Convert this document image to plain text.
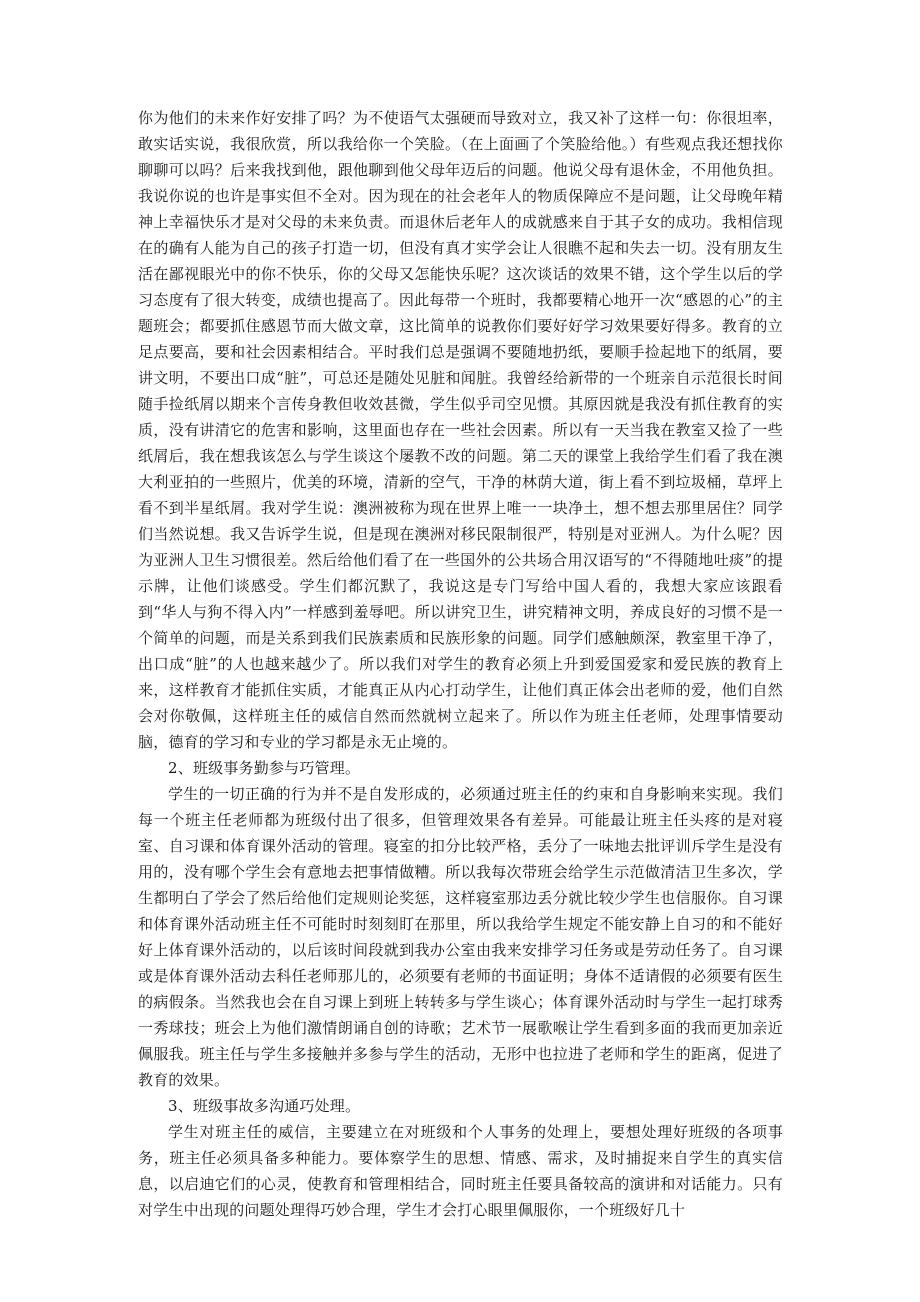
你为他们的未来作好安排了吗？为不使语气太强硬而导致对立，我又补了这样一句：你很坦率，敢实话实说，我很欣赏，所以我给你一个笑脸。（在上面画了个笑脸给他。）有些观点我还想找你聊聊可以吗？后来我找到他，跟他聊到他父母年迈后的问题。他说父母有退休金，不用他负担。我说你说的也许是事实但不全对。因为现在的社会老年人的物质保障应不是问题，让父母晚年精神上幸福快乐才是对父母的未来负责。而退休后老年人的成就感来自于其子女的成功。我相信现在的确有人能为自己的孩子打造一切，但没有真才实学会让人很瞧不起和失去一切。没有朋友生活在鄙视眼光中的你不快乐，你的父母又怎能快乐呢？这次谈话的效果不错，这个学生以后的学习态度有了很大转变，成绩也提高了。因此每带一个班时，我都要精心地开一次“感恩的心”的主题班会；都要抓住感恩节而大做文章，这比简单的说教你们要好好学习效果要好得多。教育的立足点要高，要和社会因素相结合。平时我们总是强调不要随地扔纸，要顺手捡起地下的纸屑，要讲文明，不要出口成“脏”，可总还是随处见脏和闻脏。我曾经给新带的一个班亲自示范很长时间随手捡纸屑以期来个言传身教但收效甚微，学生似乎司空见惯。其原因就是我没有抓住教育的实质，没有讲清它的危害和影响，这里面也存在一些社会因素。所以有一天当我在教室又捡了一些纸屑后，我在想我该怎么与学生谈这个屡教不改的问题。第二天的课堂上我给学生们看了我在澳大利亚拍的一些照片，优美的环境，清新的空气，干净的林荫大道，街上看不到垃圾桶，草坪上看不到半星纸屑。我对学生说：澳洲被称为现在世界上唯一一块净土，想不想去那里居住？同学们当然说想。我又告诉学生说，但是现在澳洲对移民限制很严，特别是对亚洲人。为什么呢？因为亚洲人卫生习惯很差。然后给他们看了在一些国外的公共场合用汉语写的“不得随地吐痰”的提示牌，让他们谈感受。学生们都沉默了，我说这是专门写给中国人看的，我想大家应该跟看到“华人与狗不得入内”一样感到羞辱吧。所以讲究卫生，讲究精神文明，养成良好的习惯不是一个简单的问题，而是关系到我们民族素质和民族形象的问题。同学们感触颇深，教室里干净了，出口成“脏”的人也越来越少了。所以我们对学生的教育必须上升到爱国爱家和爱民族的教育上来，这样教育才能抓住实质，才能真正从内心打动学生，让他们真正体会出老师的爱，他们自然会对你敬佩，这样班主任的威信自然而然就树立起来了。所以作为班主任老师，处理事情要动脑，德育的学习和专业的学习都是永无止境的。

2、班级事务勤参与巧管理。

学生的一切正确的行为并不是自发形成的，必须通过班主任的约束和自身影响来实现。我们每一个班主任老师都为班级付出了很多，但管理效果各有差异。可能最让班主任头疼的是对寝室、自习课和体育课外活动的管理。寝室的扣分比较严格，丢分了一味地去批评训斥学生是没有用的，没有哪个学生会有意地去把事情做糟。所以我每次带班会给学生示范做清洁卫生多次，学生都明白了学会了然后给他们定规则论奖惩，这样寝室那边丢分就比较少学生也信服你。自习课和体育课外活动班主任不可能时时刻刻盯在那里，所以我给学生规定不能安静上自习的和不能好好上体育课外活动的，以后该时间段就到我办公室由我来安排学习任务或是劳动任务了。自习课或是体育课外活动去科任老师那儿的，必须要有老师的书面证明；身体不适请假的必须要有医生的病假条。当然我也会在自习课上到班上转转多与学生谈心；体育课外活动时与学生一起打球秀一秀球技；班会上为他们激情朗诵自创的诗歌；艺术节一展歌喉让学生看到多面的我而更加亲近佩服我。班主任与学生多接触并多参与学生的活动，无形中也拉进了老师和学生的距离，促进了教育的效果。

3、班级事故多沟通巧处理。

学生对班主任的威信，主要建立在对班级和个人事务的处理上，要想处理好班级的各项事务，班主任必须具备多种能力。要体察学生的思想、情感、需求，及时捕捉来自学生的真实信息，以启迪它们的心灵，使教育和管理相结合，同时班主任要具备较高的演讲和对话能力。只有对学生中出现的问题处理得巧妙合理，学生才会打心眼里佩服你，一个班级好几十
